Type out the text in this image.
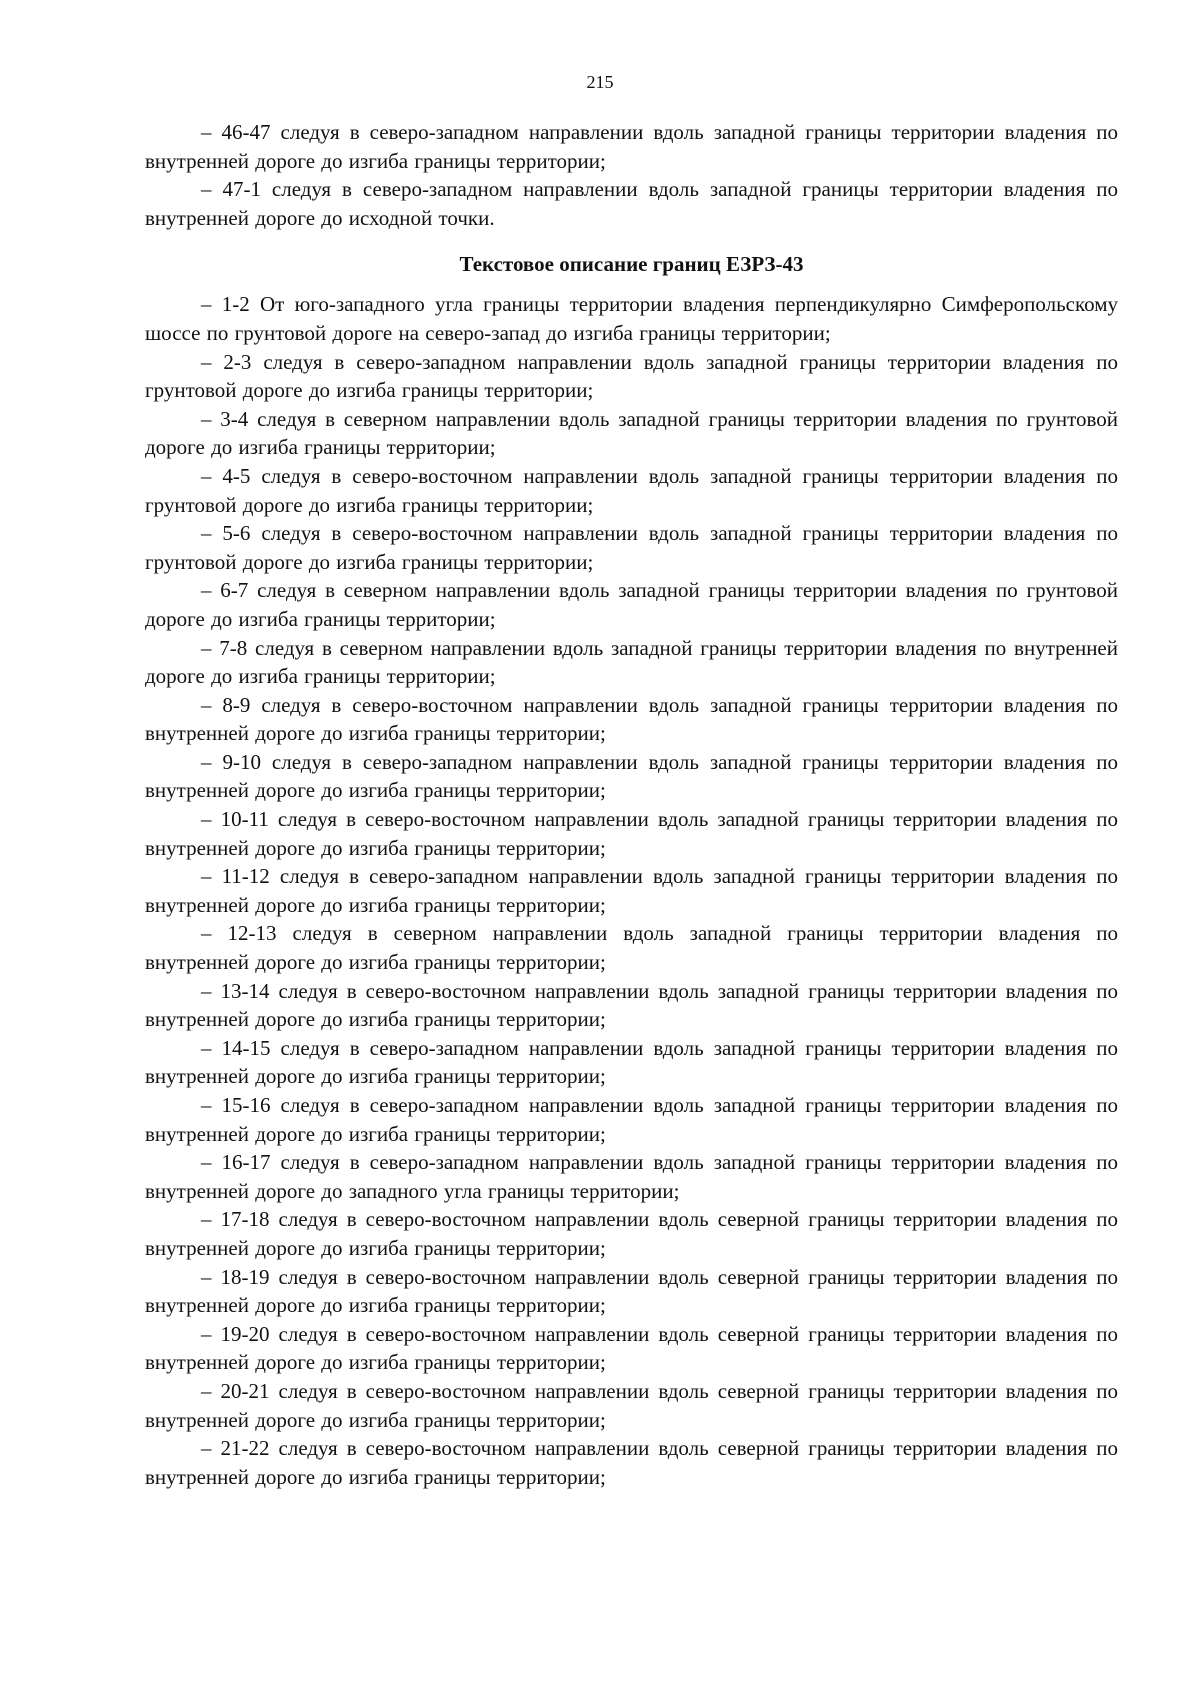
215

– 46-47 следуя в северо-западном направлении вдоль западной границы территории владения по внутренней дороге до изгиба границы территории;

– 47-1 следуя в северо-западном направлении вдоль западной границы территории владения по внутренней дороге до исходной точки.

Текстовое описание границ ЕЗРЗ-43

– 1-2 От юго-западного угла границы территории владения перпендикулярно Симферопольскому шоссе по грунтовой дороге на северо-запад до изгиба границы территории;

– 2-3 следуя в северо-западном направлении вдоль западной границы территории владения по грунтовой дороге до изгиба границы территории;

– 3-4 следуя в северном направлении вдоль западной границы территории владения по грунтовой дороге до изгиба границы территории;

– 4-5 следуя в северо-восточном направлении вдоль западной границы территории владения по грунтовой дороге до изгиба границы территории;

– 5-6 следуя в северо-восточном направлении вдоль западной границы территории владения по грунтовой дороге до изгиба границы территории;

– 6-7 следуя в северном направлении вдоль западной границы территории владения по грунтовой дороге до изгиба границы территории;

– 7-8 следуя в северном направлении вдоль западной границы территории владения по внутренней дороге до изгиба границы территории;

– 8-9 следуя в северо-восточном направлении вдоль западной границы территории владения по внутренней дороге до изгиба границы территории;

– 9-10 следуя в северо-западном направлении вдоль западной границы территории владения по внутренней дороге до изгиба границы территории;

– 10-11 следуя в северо-восточном направлении вдоль западной границы территории владения по внутренней дороге до изгиба границы территории;

– 11-12 следуя в северо-западном направлении вдоль западной границы территории владения по внутренней дороге до изгиба границы территории;

– 12-13 следуя в северном направлении вдоль западной границы территории владения по внутренней дороге до изгиба границы территории;

– 13-14 следуя в северо-восточном направлении вдоль западной границы территории владения по внутренней дороге до изгиба границы территории;

– 14-15 следуя в северо-западном направлении вдоль западной границы территории владения по внутренней дороге до изгиба границы территории;

– 15-16 следуя в северо-западном направлении вдоль западной границы территории владения по внутренней дороге до изгиба границы территории;

– 16-17 следуя в северо-западном направлении вдоль западной границы территории владения по внутренней дороге до западного угла границы территории;

– 17-18 следуя в северо-восточном направлении вдоль северной границы территории владения по внутренней дороге до изгиба границы территории;

– 18-19 следуя в северо-восточном направлении вдоль северной границы территории владения по внутренней дороге до изгиба границы территории;

– 19-20 следуя в северо-восточном направлении вдоль северной границы территории владения по внутренней дороге до изгиба границы территории;

– 20-21 следуя в северо-восточном направлении вдоль северной границы территории владения по внутренней дороге до изгиба границы территории;

– 21-22 следуя в северо-восточном направлении вдоль северной границы территории владения по внутренней дороге до изгиба границы территории;
